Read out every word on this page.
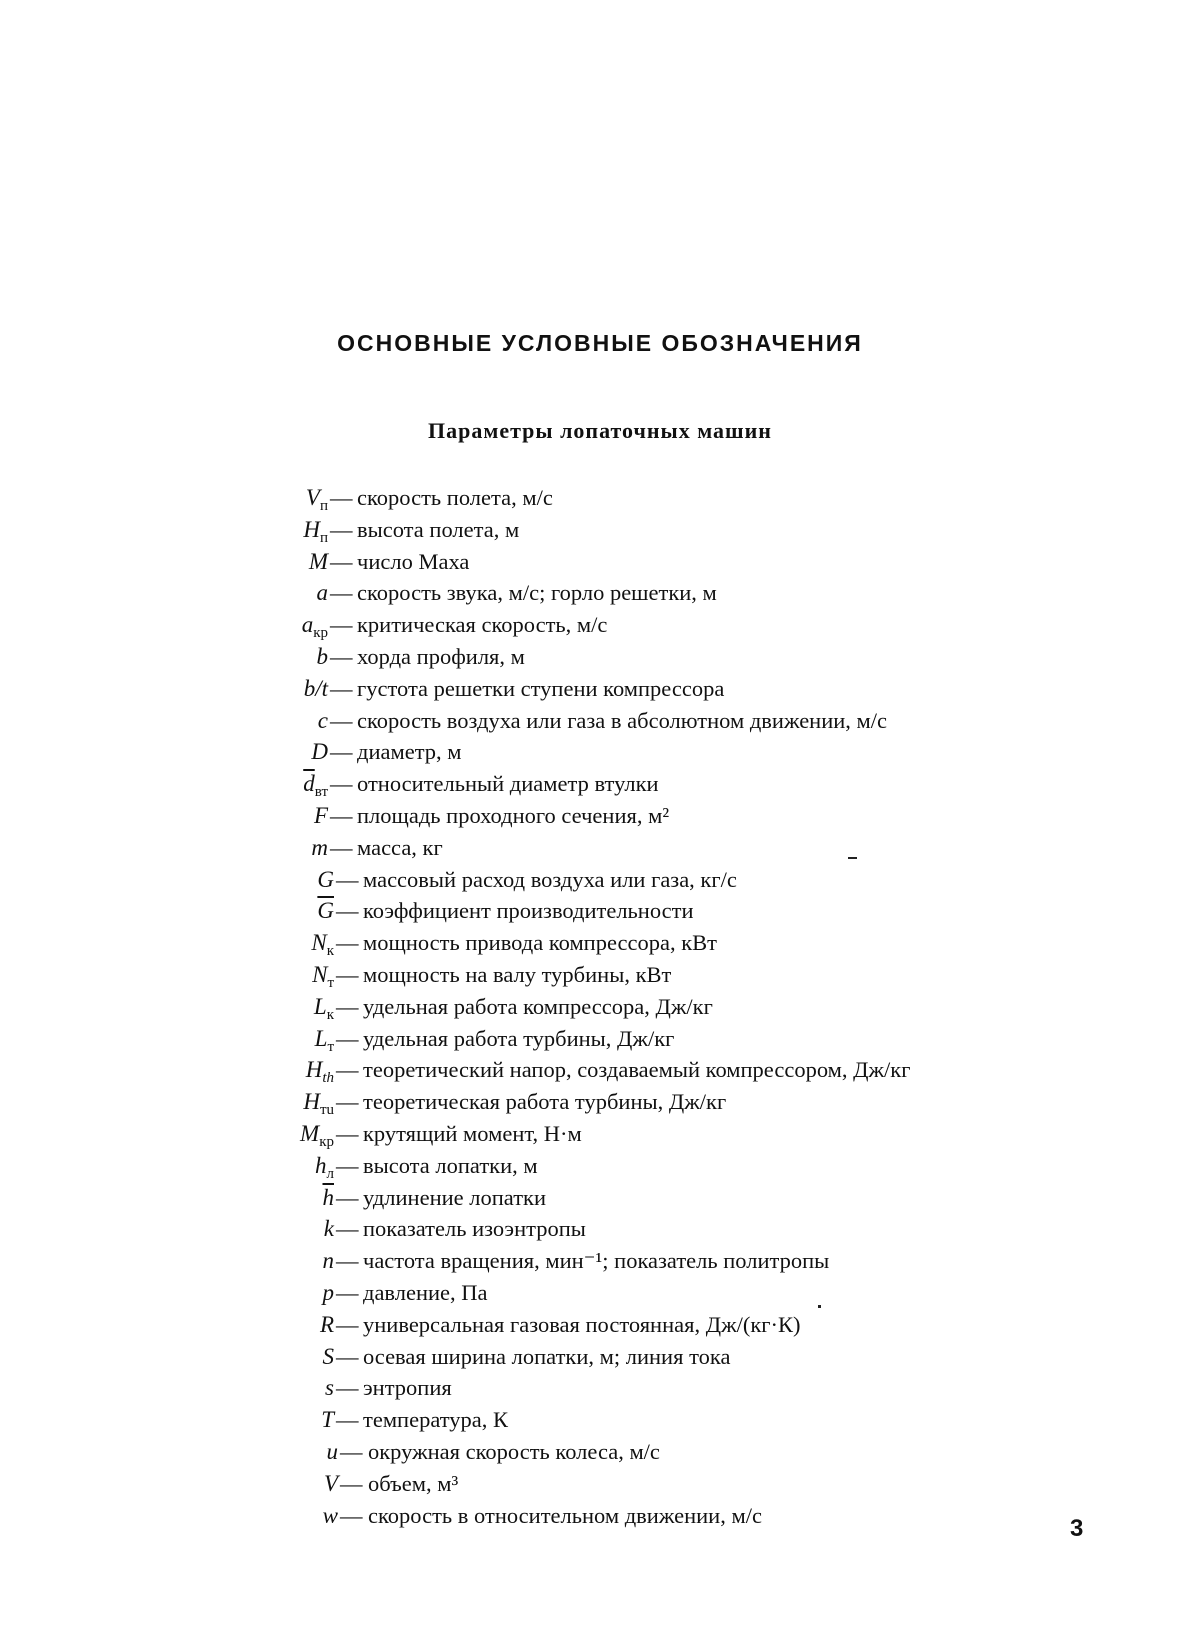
ОСНОВНЫЕ УСЛОВНЫЕ ОБОЗНАЧЕНИЯ
Параметры лопаточных машин
$V_п$ — скорость полета, м/с
$H_п$ — высота полета, м
M — число Маха
a — скорость звука, м/с; горло решетки, м
$a_{кр}$ — критическая скорость, м/с
b — хорда профиля, м
b/t — густота решетки ступени компрессора
c — скорость воздуха или газа в абсолютном движении, м/с
D — диаметр, м
$\overline{d}_{вт}$ — относительный диаметр втулки
F — площадь проходного сечения, м²
m — масса, кг
G — массовый расход воздуха или газа, кг/с
$\overline{G}$ — коэффициент производительности
$N_к$ — мощность привода компрессора, кВт
$N_т$ — мощность на валу турбины, кВт
$L_к$ — удельная работа компрессора, Дж/кг
$L_т$ — удельная работа турбины, Дж/кг
$H_{th}$ — теоретический напор, создаваемый компрессором, Дж/кг
$H_{тu}$ — теоретическая работа турбины, Дж/кг
$M_{кр}$ — крутящий момент, Н·м
$h_л$ — высота лопатки, м
$\overline{h}$ — удлинение лопатки
k — показатель изоэнтропы
n — частота вращения, мин⁻¹; показатель политропы
p — давление, Па
R — универсальная газовая постоянная, Дж/(кг·К)
S — осевая ширина лопатки, м; линия тока
s — энтропия
T — температура, К
u — окружная скорость колеса, м/с
V — объем, м³
w — скорость в относительном движении, м/с	3
